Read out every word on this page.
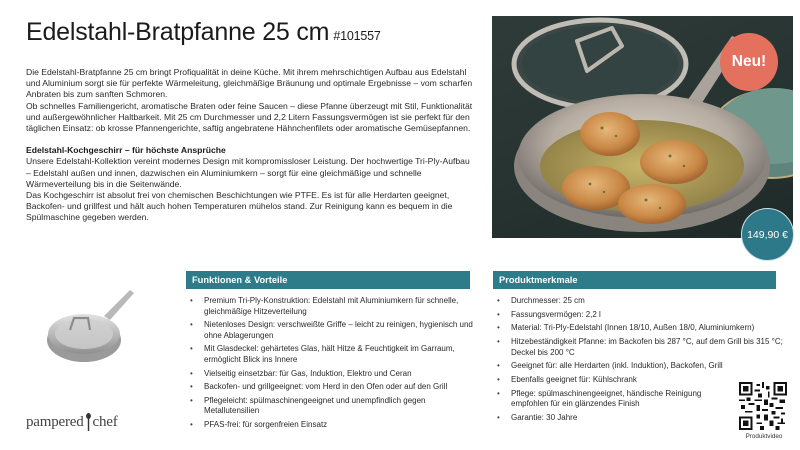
Edelstahl-Bratpfanne 25 cm #101557

Die Edelstahl-Bratpfanne 25 cm bringt Profiqualität in deine Küche. Mit ihrem mehrschichtigen Aufbau aus Edelstahl und Aluminium sorgt sie für perfekte Wärmeleitung, gleichmäßige Bräunung und optimale Ergebnisse – vom scharfen Anbraten bis zum sanften Schmoren.

Ob schnelles Familiengericht, aromatische Braten oder feine Saucen – diese Pfanne überzeugt mit Stil, Funktionalität und außergewöhnlicher Haltbarkeit. Mit 25 cm Durchmesser und 2,2 Litern Fassungsvermögen ist sie perfekt für den täglichen Einsatz: ob krosse Pfannengerichte, saftig angebratene Hähnchenfilets oder aromatische Gemüsepfannen.

Edelstahl-Kochgeschirr – für höchste Ansprüche

Unsere Edelstahl-Kollektion vereint modernes Design mit kompromissloser Leistung. Der hochwertige Tri-Ply-Aufbau – Edelstahl außen und innen, dazwischen ein Aluminiumkern – sorgt für eine gleichmäßige und schnelle Wärmeverteilung bis in die Seitenwände.

Das Kochgeschirr ist absolut frei von chemischen Beschichtungen wie PTFE. Es ist für alle Herdarten geeignet, Backofen- und grillfest und hält auch hohen Temperaturen mühelos stand. Zur Reinigung kann es bequem in die Spülmaschine gegeben werden.

Neu!
149,90 €
pampered chef
Funktionen & Vorteile
• Premium Tri-Ply-Konstruktion: Edelstahl mit Aluminiumkern für schnelle, gleichmäßige Hitzeverteilung
• Nietenloses Design: verschweißte Griffe – leicht zu reinigen, hygienisch und ohne Ablagerungen
• Mit Glasdeckel: gehärtetes Glas, hält Hitze & Feuchtigkeit im Garraum, ermöglicht Blick ins Innere
• Vielseitig einsetzbar: für Gas, Induktion, Elektro und Ceran
• Backofen- und grillgeeignet: vom Herd in den Ofen oder auf den Grill
• Pflegeleicht: spülmaschinengeeignet und unempfindlich gegen Metallutensilien
• PFAS-frei: für sorgenfreien Einsatz
Produktmerkmale
• Durchmesser: 25 cm
• Fassungsvermögen: 2,2 l
• Material: Tri-Ply-Edelstahl (Innen 18/10, Außen 18/0, Aluminiumkern)
• Hitzebeständigkeit Pfanne: im Backofen bis 287 °C, auf dem Grill bis 315 °C; Deckel bis 200 °C
• Geeignet für: alle Herdarten (inkl. Induktion), Backofen, Grill
• Ebenfalls geeignet für: Kühlschrank
• Pflege: spülmaschinengeeignet, händische Reinigung empfohlen für ein glänzendes Finish
• Garantie: 30 Jahre
Produktvideo
